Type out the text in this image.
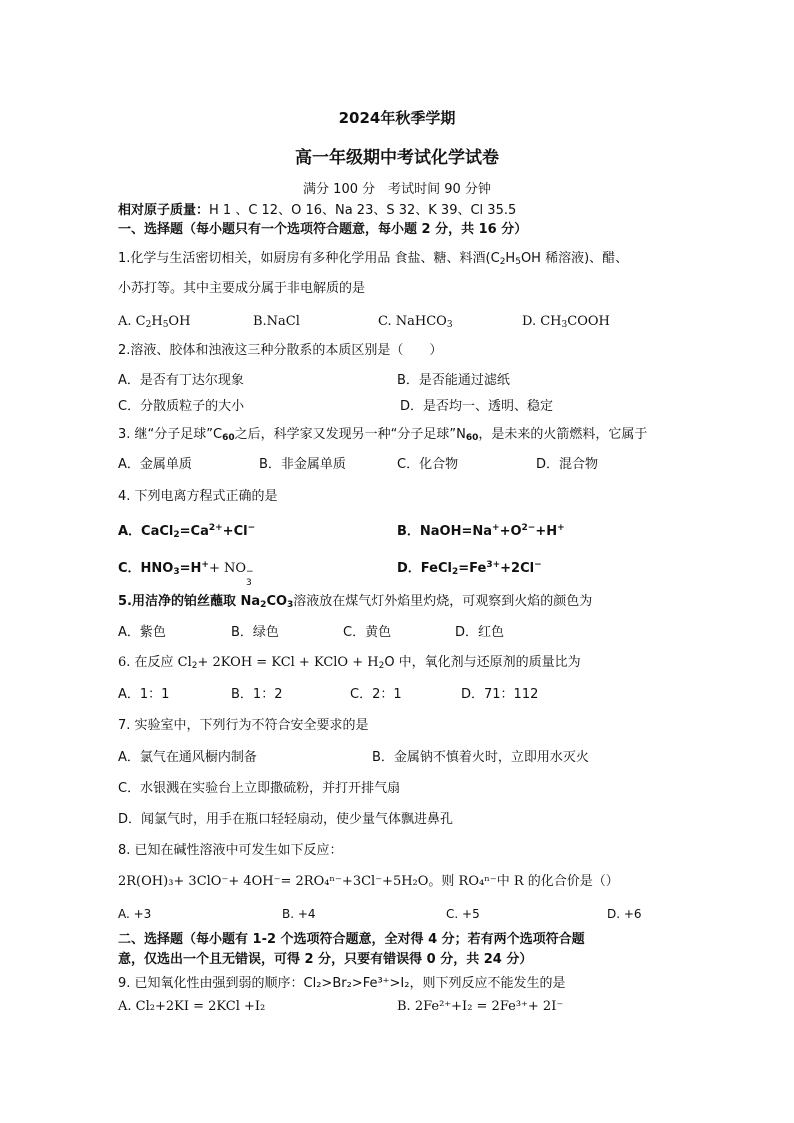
2024年秋季学期
高一年级期中考试化学试卷
满分 100 分　考试时间 90 分钟
相对原子质量：H 1 、C 12、O 16、Na 23、S 32、K 39、Cl 35.5
一、选择题（每小题只有一个选项符合题意，每小题 2 分，共 16 分）
1.化学与生活密切相关，如厨房有多种化学用品 食盐、糖、料酒($C_2H_5OH$ 稀溶液)、醋、
小苏打等。其中主要成分属于非电解质的是
A. $C_2H_5OH$	B.NaCl	C. NaHCO$_3$	D. $CH_3COOH$
2.溶液、胶体和浊液这三种分散系的本质区别是（　　）
A．是否有丁达尔现象	B．是否能通过滤纸
C．分散质粒子的大小	D．是否均一、透明、稳定
3. 继“分子足球$”C_{60}$之后，科学家又发现另一种“分子足球$”N_{60}$，是未来的火箭燃料，它属于
A．金属单质	B．非金属单质	C．化合物	D．混合物
4. 下列电离方程式正确的是
A．$CaCl_2=Ca^{2+}+Cl^-$	B．$NaOH=Na^++O^{2-}+H^+$
C．$HNO_3=H^++$ NO −
3
D．$FeCl_2=Fe^{3+}+2Cl^-$
5.用洁净的铂丝蘸取 $Na_2CO_3$溶液放在煤气灯外焰里灼烧，可观察到火焰的颜色为
A．紫色	B．绿色	C．黄色	D．红色
6. 在反应 $Cl_2+ 2KOH$ = KCl + KClO + $H_2O$ 中，氧化剂与还原剂的质量比为
A．1：1	B．1：2	C．2：1	D．71：112
7. 实验室中，下列行为不符合安全要求的是
A．氯气在通风橱内制备	B．金属钠不慎着火时，立即用水灭火
C．水银溅在实验台上立即撒硫粉，并打开排气扇
D．闻氯气时，用手在瓶口轻轻扇动，使少量气体飘进鼻孔
8. 已知在碱性溶液中可发生如下反应：
2R(OH)₃+ 3ClO⁻+ 4OH⁻= 2RO₄ⁿ⁻+3Cl⁻+5H₂O。则 RO₄ⁿ⁻中 R 的化合价是（）
A. +3	B. +4	C. +5	D. +6
二、选择题（每小题有 1-2 个选项符合题意，全对得 4 分；若有两个选项符合题
意，仅选出一个且无错误，可得 2 分，只要有错误得 0 分，共 24 分）
9. 已知氧化性由强到弱的顺序：Cl₂>Br₂>Fe³⁺>I₂，则下列反应不能发生的是
A. Cl₂+2KI = 2KCl +I₂	B. 2Fe²⁺+I₂ = 2Fe³⁺+ 2I⁻
